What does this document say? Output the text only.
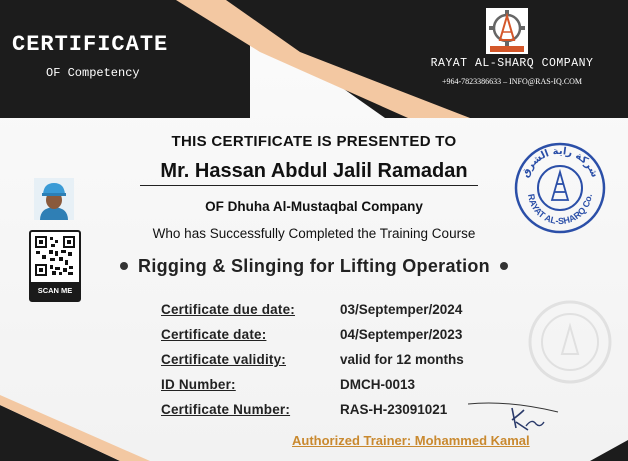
CERTIFICATE
OF Competency
RAYAT AL-SHARQ COMPANY
+964-7823386633 – INFO@RAS-IQ.COM
THIS CERTIFICATE IS PRESENTED TO
Mr. Hassan Abdul Jalil Ramadan
OF Dhuha Al-Mustaqbal Company
Who has Successfully Completed the Training Course
Rigging & Slinging for Lifting Operation
SCAN ME
شركة راية الشرق
RAYAT AL-SHARQ Co.
Certificate due date:	03/Septemper/2024
Certificate date:	04/Septemper/2023
Certificate validity:	valid for 12 months
ID Number:	DMCH-0013
Certificate Number:	RAS-H-23091021
Authorized Trainer: Mohammed Kamal
